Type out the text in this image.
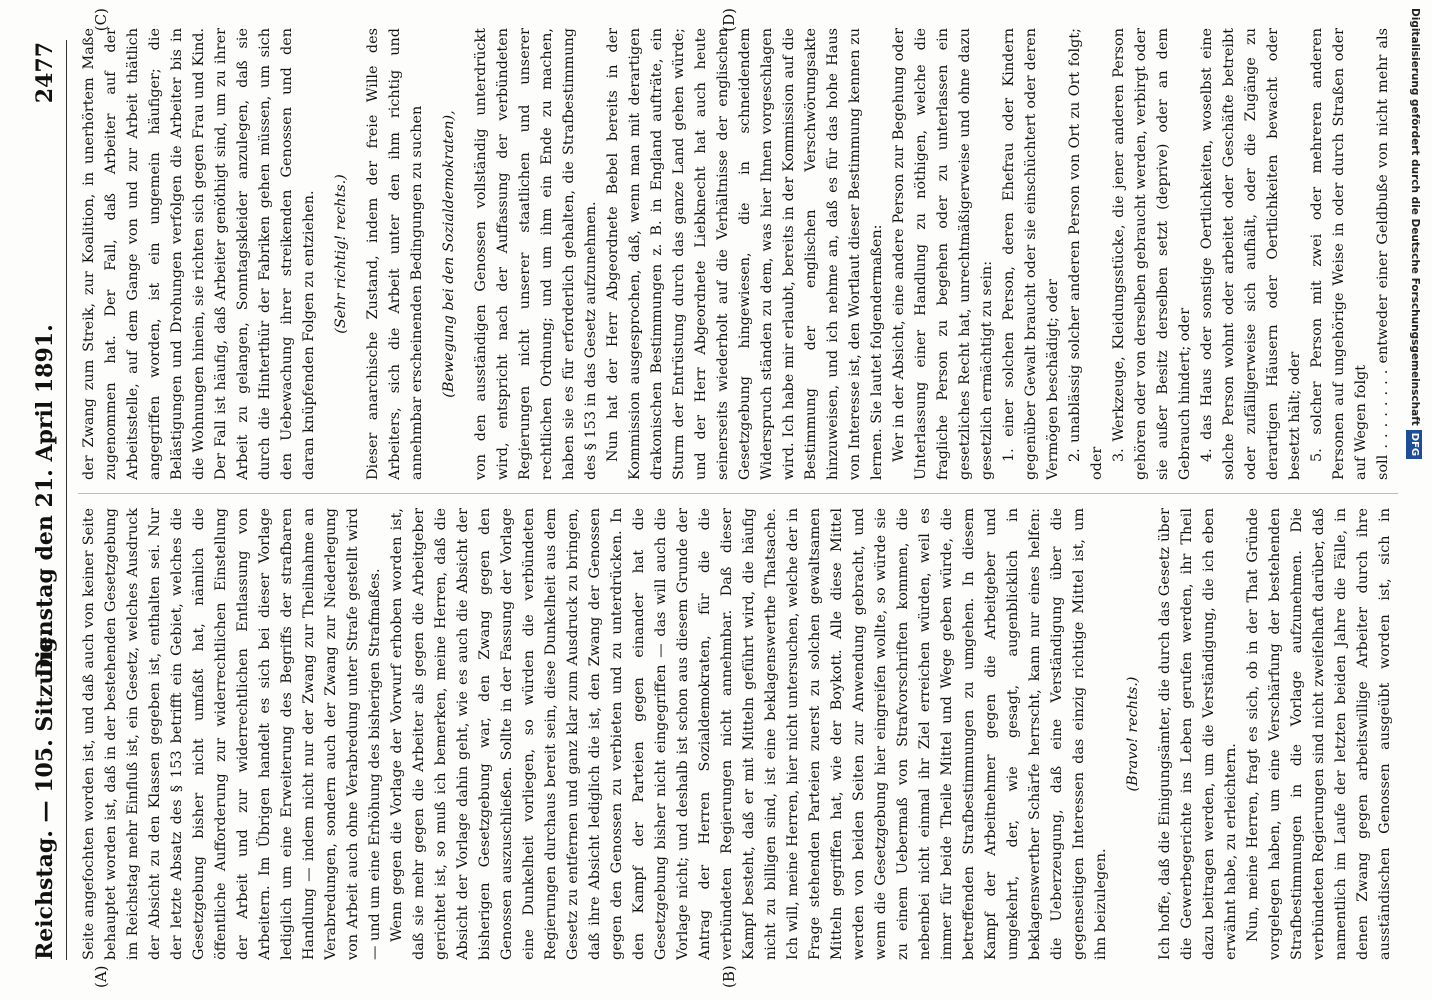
Reichstag. — 105. Sitzung.
Dienstag den 21. April 1891.
2477
(A)	(B)
(C)	(D)

Seite angefochten worden ist, und daß auch von keiner Seite behauptet worden ist, daß in der bestehenden Gesetzgebung im Reichstag mehr Einfluß ist, ein Gesetz, welches Ausdruck der Absicht zu den Klassen gegeben ist, enthalten sei. Nur der letzte Absatz des § 153 betrifft ein Gebiet, welches die Gesetzgebung bisher nicht umfaßt hat, nämlich die öffentliche Aufforderung zur widerrechtlichen Einstellung der Arbeit und zur widerrechtlichen Entlassung von Arbeitern. Im Übrigen handelt es sich bei dieser Vorlage lediglich um eine Erweiterung des Begriffs der strafbaren Handlung — indem nicht nur der Zwang zur Theilnahme an Verabredungen, sondern auch der Zwang zur Niederlegung von Arbeit auch ohne Verabredung unter Strafe gestellt wird — und um eine Erhöhung des bisherigen Strafmaßes. Wenn gegen die Vorlage der Vorwurf erhoben worden ist, daß sie mehr gegen die Arbeiter als gegen die Arbeitgeber gerichtet ist, so muß ich bemerken, meine Herren, daß die Absicht der Vorlage dahin geht, wie es auch die Absicht der bisherigen Gesetzgebung war, den Zwang gegen den Genossen auszuschließen. Sollte in der Fassung der Vorlage eine Dunkelheit vorliegen, so würden die verbündeten Regierungen durchaus bereit sein, diese Dunkelheit aus dem Gesetz zu entfernen und ganz klar zum Ausdruck zu bringen, daß ihre Absicht lediglich die ist, den Zwang der Genossen gegen den Genossen zu verbieten und zu unterdrücken. In den Kampf der Parteien gegen einander hat die Gesetzgebung bisher nicht eingegriffen — das will auch die Vorlage nicht; und deshalb ist schon aus diesem Grunde der Antrag der Herren Sozialdemokraten, für die die verbündeten Regierungen nicht annehmbar. Daß dieser Kampf besteht, daß er mit Mitteln geführt wird, die häufig nicht zu billigen sind, ist eine beklagenswerthe Thatsache. Ich will, meine Herren, hier nicht untersuchen, welche der in Frage stehenden Parteien zuerst zu solchen gewaltsamen Mitteln gegriffen hat, wie der Boykott. Alle diese Mittel werden von beiden Seiten zur Anwendung gebracht, und wenn die Gesetzgebung hier eingreifen wollte, so würde sie zu einem Uebermaß von Strafvorschriften kommen, die nebenbei nicht einmal ihr Ziel erreichen würden, weil es immer für beide Theile Mittel und Wege geben würde, die betreffenden Strafbestimmungen zu umgehen. In diesem Kampf der Arbeitnehmer gegen die Arbeitgeber und umgekehrt, der, wie gesagt, augenblicklich in beklagenswerther Schärfe herrscht, kann nur eines helfen: die Ueberzeugung, daß eine Verständigung über die gegenseitigen Interessen das einzig richtige Mittel ist, um ihn beizulegen.

(Bravo! rechts.) Ich hoffe, daß die Einigungsämter, die durch das Gesetz über die Gewerbegerichte ins Leben gerufen werden, ihr Theil dazu beitragen werden, um die Verständigung, die ich eben erwähnt habe, zu erleichtern. Nun, meine Herren, fragt es sich, ob in der That Gründe vorgelegen haben, um eine Verschärfung der bestehenden Strafbestimmungen in die Vorlage aufzunehmen. Die verbündeten Regierungen sind nicht zweifelhaft darüber, daß namentlich im Laufe der letzten beiden Jahre die Fälle, in denen Zwang gegen arbeitswillige Arbeiter durch ihre ausständischen Genossen ausgeübt worden ist, sich in

der Zwang zum Streik, zur Koalition, in unerhörtem Maße zugenommen hat. Der Fall, daß Arbeiter auf der Arbeitsstelle, auf dem Gange von und zur Arbeit thätlich angegriffen worden, ist ein ungemein häufiger; die Belästigungen und Drohungen verfolgen die Arbeiter bis in die Wohnungen hinein, sie richten sich gegen Frau und Kind. Der Fall ist häufig, daß Arbeiter genöthigt sind, um zu ihrer Arbeit zu gelangen, Sonntagskleider anzulegen, daß sie durch die Hinterthür der Fabriken gehen müssen, um sich den Uebewachung ihrer streikenden Genossen und den daran knüpfenden Folgen zu entziehen. (Sehr richtig! rechts.) Dieser anarchische Zustand, indem der freie Wille des Arbeiters, sich die Arbeit unter den ihm richtig und annehmbar erscheinenden Bedingungen zu suchen (Bewegung bei den Sozialdemokraten), von den ausständigen Genossen vollständig unterdrückt wird, entspricht nach der Auffassung der verbündeten Regierungen nicht unserer staatlichen und unserer rechtlichen Ordnung; und um ihm ein Ende zu machen, haben sie es für erforderlich gehalten, die Strafbestimmung des § 153 in das Gesetz aufzunehmen. Nun hat der Herr Abgeordnete Bebel bereits in der Kommission ausgesprochen, daß, wenn man mit derartigen drakonischen Bestimmungen z. B. in England aufträte, ein Sturm der Entrüstung durch das ganze Land gehen würde; und der Herr Abgeordnete Liebknecht hat auch heute seinerseits wiederholt auf die Verhältnisse der englischen Gesetzgebung hingewiesen, die in schneidendem Widerspruch ständen zu dem, was hier Ihnen vorgeschlagen wird. Ich habe mir erlaubt, bereits in der Kommission auf die Bestimmung der englischen Verschwörungsakte hinzuweisen, und ich nehme an, daß es für das hohe Haus von Interesse ist, den Wortlaut dieser Bestimmung kennen zu lernen. Sie lautet folgendermaßen: Wer in der Absicht, eine andere Person zur Begehung oder Unterlassung einer Handlung zu nöthigen, welche die fragliche Person zu begehen oder zu unterlassen ein gesetzliches Recht hat, unrechtmäßigerweise und ohne dazu gesetzlich ermächtigt zu sein: 1. einer solchen Person, deren Ehefrau oder Kindern gegenüber Gewalt braucht oder sie einschüchtert oder deren Vermögen beschädigt; oder 2. unablässig solcher anderen Person von Ort zu Ort folgt; oder

3. Werkzeuge, Kleidungsstücke, die jener anderen Person gehören oder von derselben gebraucht werden, verbirgt oder sie außer Besitz derselben setzt (deprive) oder an dem Gebrauch hindert; oder 4. das Haus oder sonstige Oertlichkeiten, woselbst eine solche Person wohnt oder arbeitet oder Geschäfte betreibt oder zufälligerweise sich aufhält, oder die Zugänge zu derartigen Häusern oder Oertlichkeiten bewacht oder besetzt hält; oder 5. solcher Person mit zwei oder mehreren anderen Personen auf ungehörige Weise in oder durch Straßen oder auf Wegen folgt soll . . . . . . . . entweder einer Geldbuße von nicht mehr als	Digitalisierung gefördert durch die Deutsche ForschungsgemeinschaftDFG
